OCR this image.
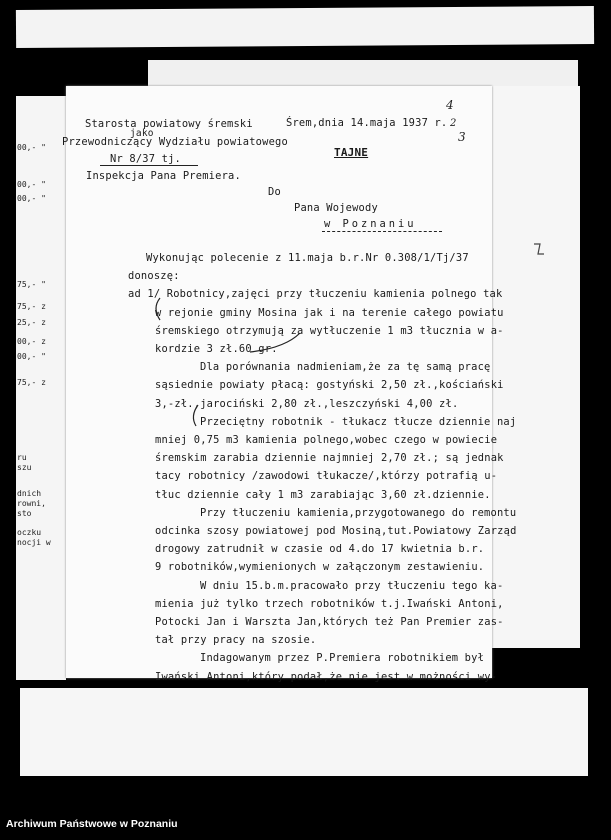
00,- "
00,- "
00,- "
75,- "
75,- z
25,- z
00,- z
00,- "
75,- z
ru
szu
dnich
rowni,
sto
oczku
nocji w
Starosta powiatowy śremski
jako
Przewodniczący Wydziału powiatowego
Nr 8/37 tj.
Inspekcja Pana Premiera.
Śrem,dnia 14.maja 1937 r.
TAJNE
Do
Pana Wojewody
w Poznaniu
4
2
3
Wykonując polecenie z 11.maja b.r.Nr 0.308/1/Tj/37
donoszę:
ad 1/ Robotnicy,zajęci przy tłuczeniu kamienia polnego tak
w rejonie gminy Mosina jak i na terenie całego powiatu
śremskiego otrzymują za wytłuczenie 1 m3 tłucznia w a-
kordzie 3 zł.60 gr.
Dla porównania nadmieniam,że za tę samą pracę
sąsiednie powiaty płacą: gostyński 2,50 zł.,kościański
3,-zł.,jarociński 2,80 zł.,leszczyński 4,00 zł.
Przeciętny robotnik - tłukacz tłucze dziennie naj
mniej 0,75 m3 kamienia polnego,wobec czego w powiecie
śremskim zarabia dziennie najmniej 2,70 zł.; są jednak
tacy robotnicy /zawodowi tłukacze/,którzy potrafią u-
tłuc dziennie cały 1 m3 zarabiając 3,60 zł.dziennie.
Przy tłuczeniu kamienia,przygotowanego do remontu
odcinka szosy powiatowej pod Mosiną,tut.Powiatowy Zarząd
drogowy zatrudnił w czasie od 4.do 17 kwietnia b.r.
9 robotników,wymienionych w załączonym zestawieniu.
W dniu 15.b.m.pracowało przy tłuczeniu tego ka-
mienia już tylko trzech robotników t.j.Iwański Antoni,
Potocki Jan i Warszta Jan,których też Pan Premier zas-
tał przy pracy na szosie.
Indagowanym przez P.Premiera robotnikiem był
Iwański Antoni,który podał,że nie jest w możności wy-
Archiwum Państwowe w Poznaniu
